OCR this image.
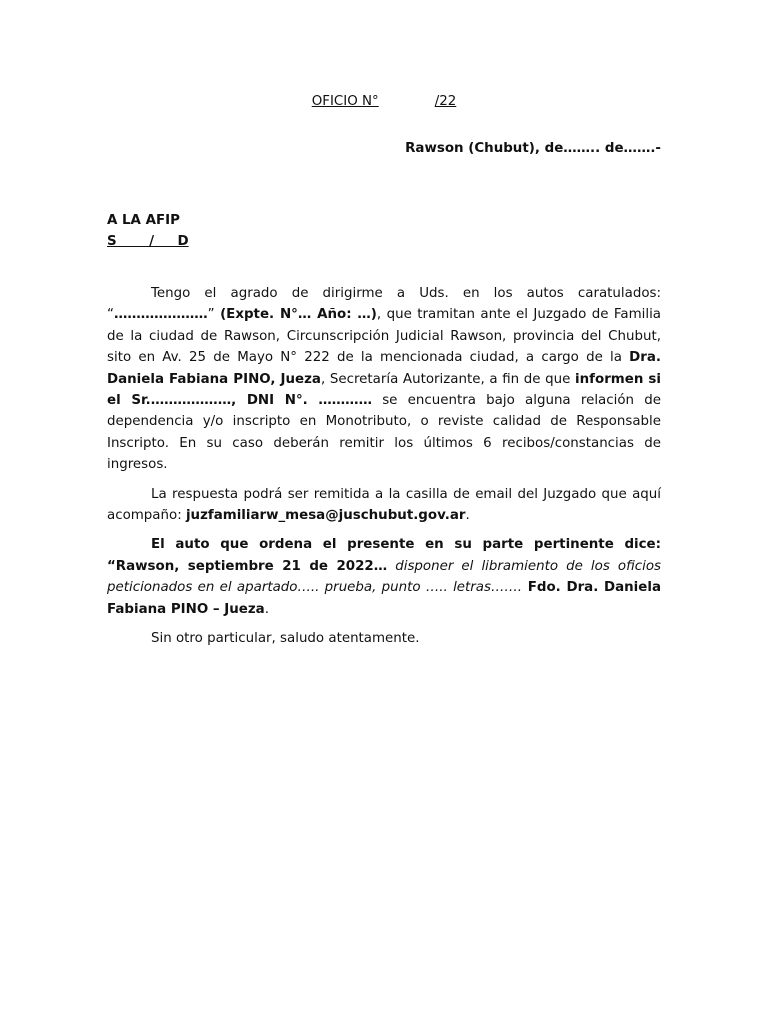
OFICIO N°	/22
Rawson (Chubut), de…….. de…….-
A LA AFIP
S       /     D

Tengo el agrado de dirigirme a Uds. en los autos caratulados: “…………………” (Expte. N°… Año: …), que tramitan ante el Juzgado de Familia de la ciudad de Rawson, Circunscripción Judicial Rawson, provincia del Chubut, sito en Av. 25 de Mayo N° 222 de la mencionada ciudad, a cargo de la Dra. Daniela Fabiana PINO, Jueza, Secretaría Autorizante, a fin de que informen si el Sr.………………, DNI N°. ………… se encuentra bajo alguna relación de dependencia y/o inscripto en Monotributo, o reviste calidad de Responsable Inscripto. En su caso deberán remitir los últimos 6 recibos/constancias de ingresos.

La respuesta podrá ser remitida a la casilla de email del Juzgado que aquí acompaño: juzfamiliarw_mesa@juschubut.gov.ar.

El auto que ordena el presente en su parte pertinente dice: “Rawson, septiembre 21 de 2022… disponer el libramiento de los oficios peticionados en el apartado….. prueba, punto ….. letras……. Fdo. Dra. Daniela Fabiana PINO – Jueza.

Sin otro particular, saludo atentamente.
